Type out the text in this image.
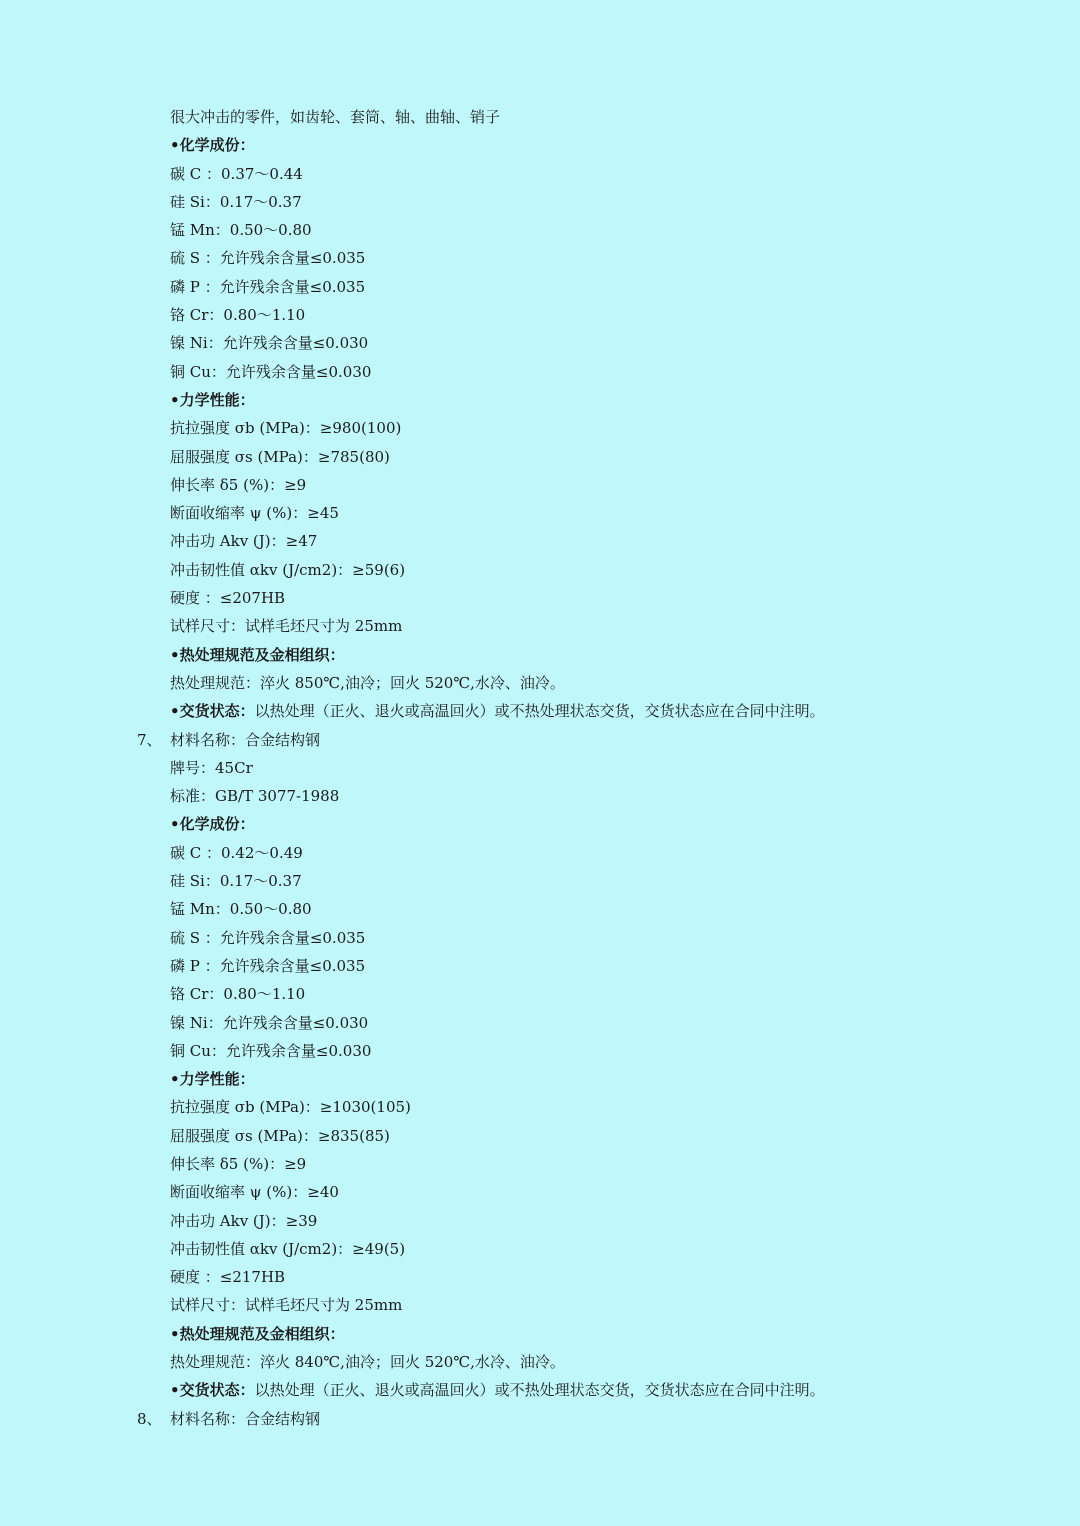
很大冲击的零件，如齿轮、套筒、轴、曲轴、销子
•化学成份：
碳 C ：0.37～0.44
硅 Si：0.17～0.37
锰 Mn：0.50～0.80
硫 S ：允许残余含量≤0.035
磷 P ：允许残余含量≤0.035
铬 Cr：0.80～1.10
镍 Ni：允许残余含量≤0.030
铜 Cu：允许残余含量≤0.030
•力学性能：
抗拉强度 σb (MPa)：≥980(100)
屈服强度 σs (MPa)：≥785(80)
伸长率 δ5 (%)：≥9
断面收缩率 ψ (%)：≥45
冲击功 Akv (J)：≥47
冲击韧性值 αkv (J/cm2)：≥59(6)
硬度 ：≤207HB
试样尺寸：试样毛坯尺寸为 25mm
•热处理规范及金相组织：
热处理规范：淬火 850℃,油冷；回火 520℃,水冷、油冷。
•交货状态：以热处理（正火、退火或高温回火）或不热处理状态交货，交货状态应在合同中注明。
7、 材料名称：合金结构钢
牌号：45Cr
标准：GB/T 3077-1988
•化学成份：
碳 C ：0.42～0.49
硅 Si：0.17～0.37
锰 Mn：0.50～0.80
硫 S ：允许残余含量≤0.035
磷 P ：允许残余含量≤0.035
铬 Cr：0.80～1.10
镍 Ni：允许残余含量≤0.030
铜 Cu：允许残余含量≤0.030
•力学性能：
抗拉强度 σb (MPa)：≥1030(105)
屈服强度 σs (MPa)：≥835(85)
伸长率 δ5 (%)：≥9
断面收缩率 ψ (%)：≥40
冲击功 Akv (J)：≥39
冲击韧性值 αkv (J/cm2)：≥49(5)
硬度 ：≤217HB
试样尺寸：试样毛坯尺寸为 25mm
•热处理规范及金相组织：
热处理规范：淬火 840℃,油冷；回火 520℃,水冷、油冷。
•交货状态：以热处理（正火、退火或高温回火）或不热处理状态交货，交货状态应在合同中注明。
8、 材料名称：合金结构钢
